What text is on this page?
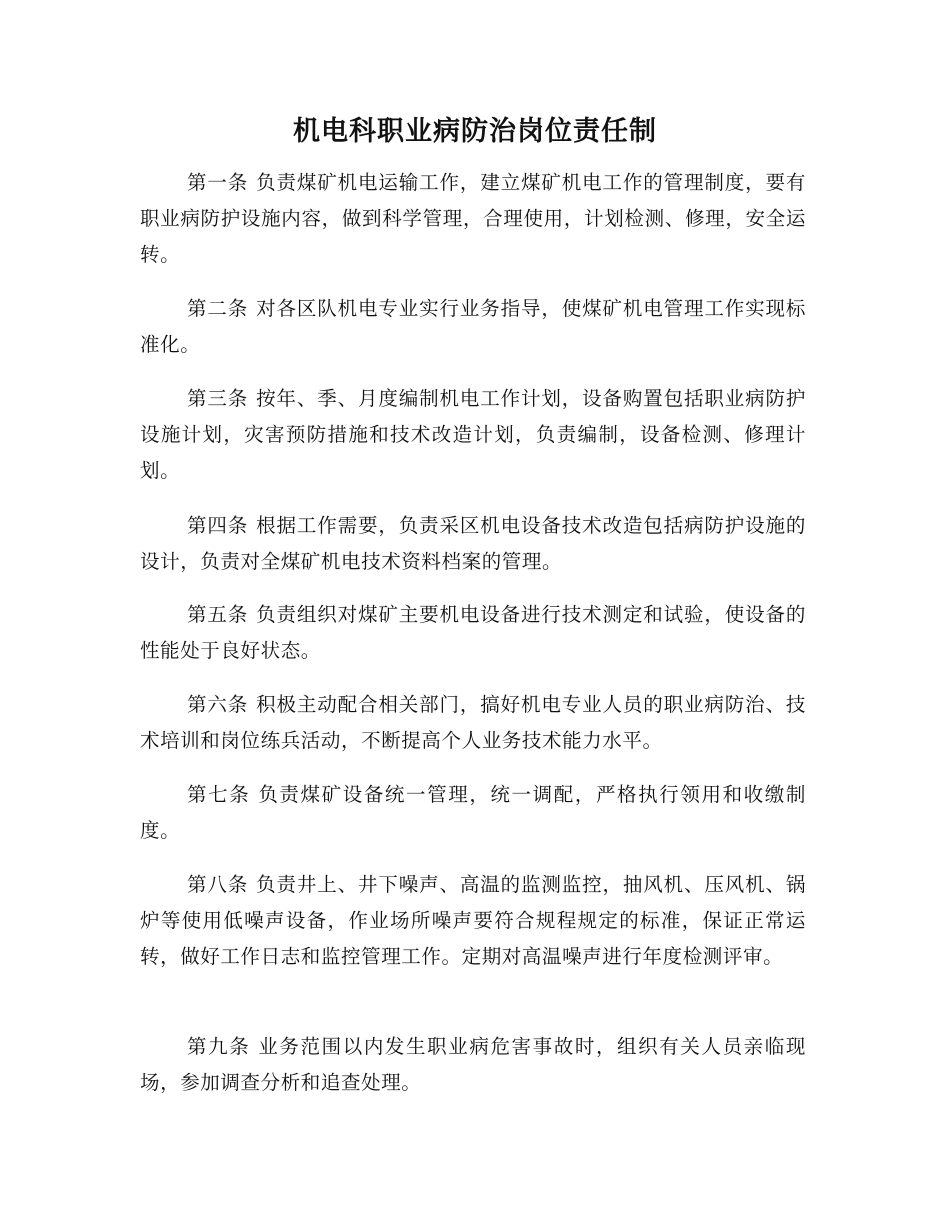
机电科职业病防治岗位责任制

第一条 负责煤矿机电运输工作，建立煤矿机电工作的管理制度，要有职业病防护设施内容，做到科学管理，合理使用，计划检测、修理，安全运转。

第二条 对各区队机电专业实行业务指导，使煤矿机电管理工作实现标准化。

第三条 按年、季、月度编制机电工作计划，设备购置包括职业病防护设施计划，灾害预防措施和技术改造计划，负责编制，设备检测、修理计划。

第四条 根据工作需要，负责采区机电设备技术改造包括病防护设施的设计，负责对全煤矿机电技术资料档案的管理。

第五条 负责组织对煤矿主要机电设备进行技术测定和试验，使设备的性能处于良好状态。

第六条 积极主动配合相关部门，搞好机电专业人员的职业病防治、技术培训和岗位练兵活动，不断提高个人业务技术能力水平。

第七条 负责煤矿设备统一管理，统一调配，严格执行领用和收缴制度。

第八条 负责井上、井下噪声、高温的监测监控，抽风机、压风机、锅炉等使用低噪声设备，作业场所噪声要符合规程规定的标准，保证正常运转，做好工作日志和监控管理工作。定期对高温噪声进行年度检测评审。

第九条 业务范围以内发生职业病危害事故时，组织有关人员亲临现场，参加调查分析和追查处理。
